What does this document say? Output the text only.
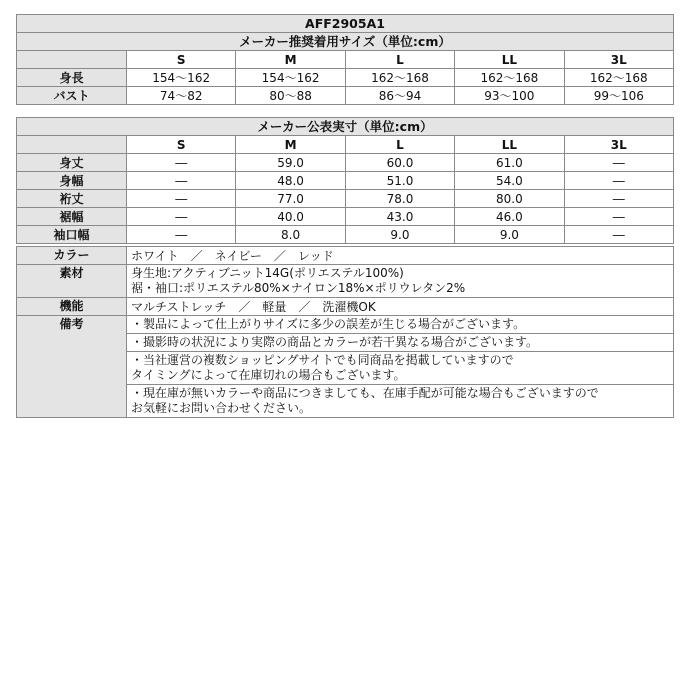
AFF2905A1					
メーカー推奨着用サイズ（単位:cm）					
	S	M	L	LL	3L
身長	154～162	154～162	162～168	162～168	162～168
バスト	74～82	80～88	86～94	93～100	99～106
メーカー公表実寸（単位:cm）					
	S	M	L	LL	3L
身丈	―	59.0	60.0	61.0	―
身幅	―	48.0	51.0	54.0	―
裄丈	―	77.0	78.0	80.0	―
裾幅	―	40.0	43.0	46.0	―
袖口幅	―	8.0	9.0	9.0	―
カラー	ホワイト　／　ネイビー　／　レッド
素材	身生地:アクティブニット14G(ポリエステル100%)
裾・袖口:ポリエステル80%×ナイロン18%×ポリウレタン2%

機能	マルチストレッチ　／　軽量　／　洗濯機OK
備考	・製品によって仕上がりサイズに多少の誤差が生じる場合がございます。

	・撮影時の状況により実際の商品とカラーが若干異なる場合がございます。

	・当社運営の複数ショッピングサイトでも同商品を掲載していますので
タイミングによって在庫切れの場合もございます。

	・現在庫が無いカラーや商品につきましても、在庫手配が可能な場合もございますので
お気軽にお問い合わせください。
